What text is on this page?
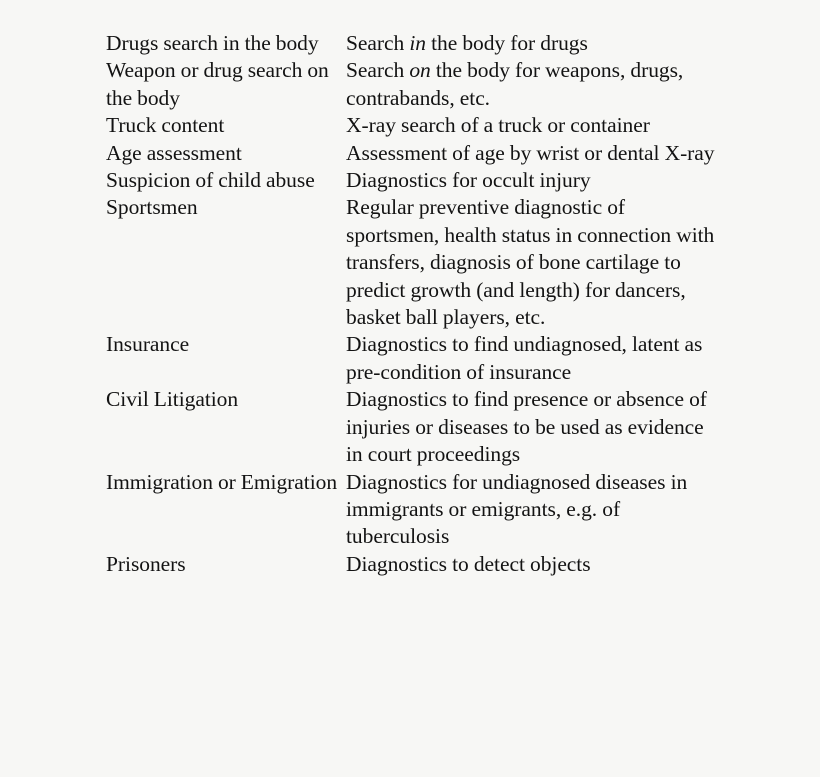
Drugs search in the body	Search in the body for drugs
Weapon or drug search on the body	Search on the body for weapons, drugs, contrabands, etc.
Truck content	X-ray search of a truck or container
Age assessment	Assessment of age by wrist or dental X-ray
Suspicion of child abuse	Diagnostics for occult injury
Sportsmen	Regular preventive diagnostic of sportsmen, health status in connection with transfers, diagnosis of bone cartilage to predict growth (and length) for dancers, basket ball players, etc.
Insurance	Diagnostics to find undiagnosed, latent as pre-condition of insurance
Civil Litigation	Diagnostics to find presence or absence of injuries or diseases to be used as evidence in court proceedings
Immigration or Emigration	Diagnostics for undiagnosed diseases in immigrants or emigrants, e.g. of tuberculosis
Prisoners	Diagnostics to detect objects
